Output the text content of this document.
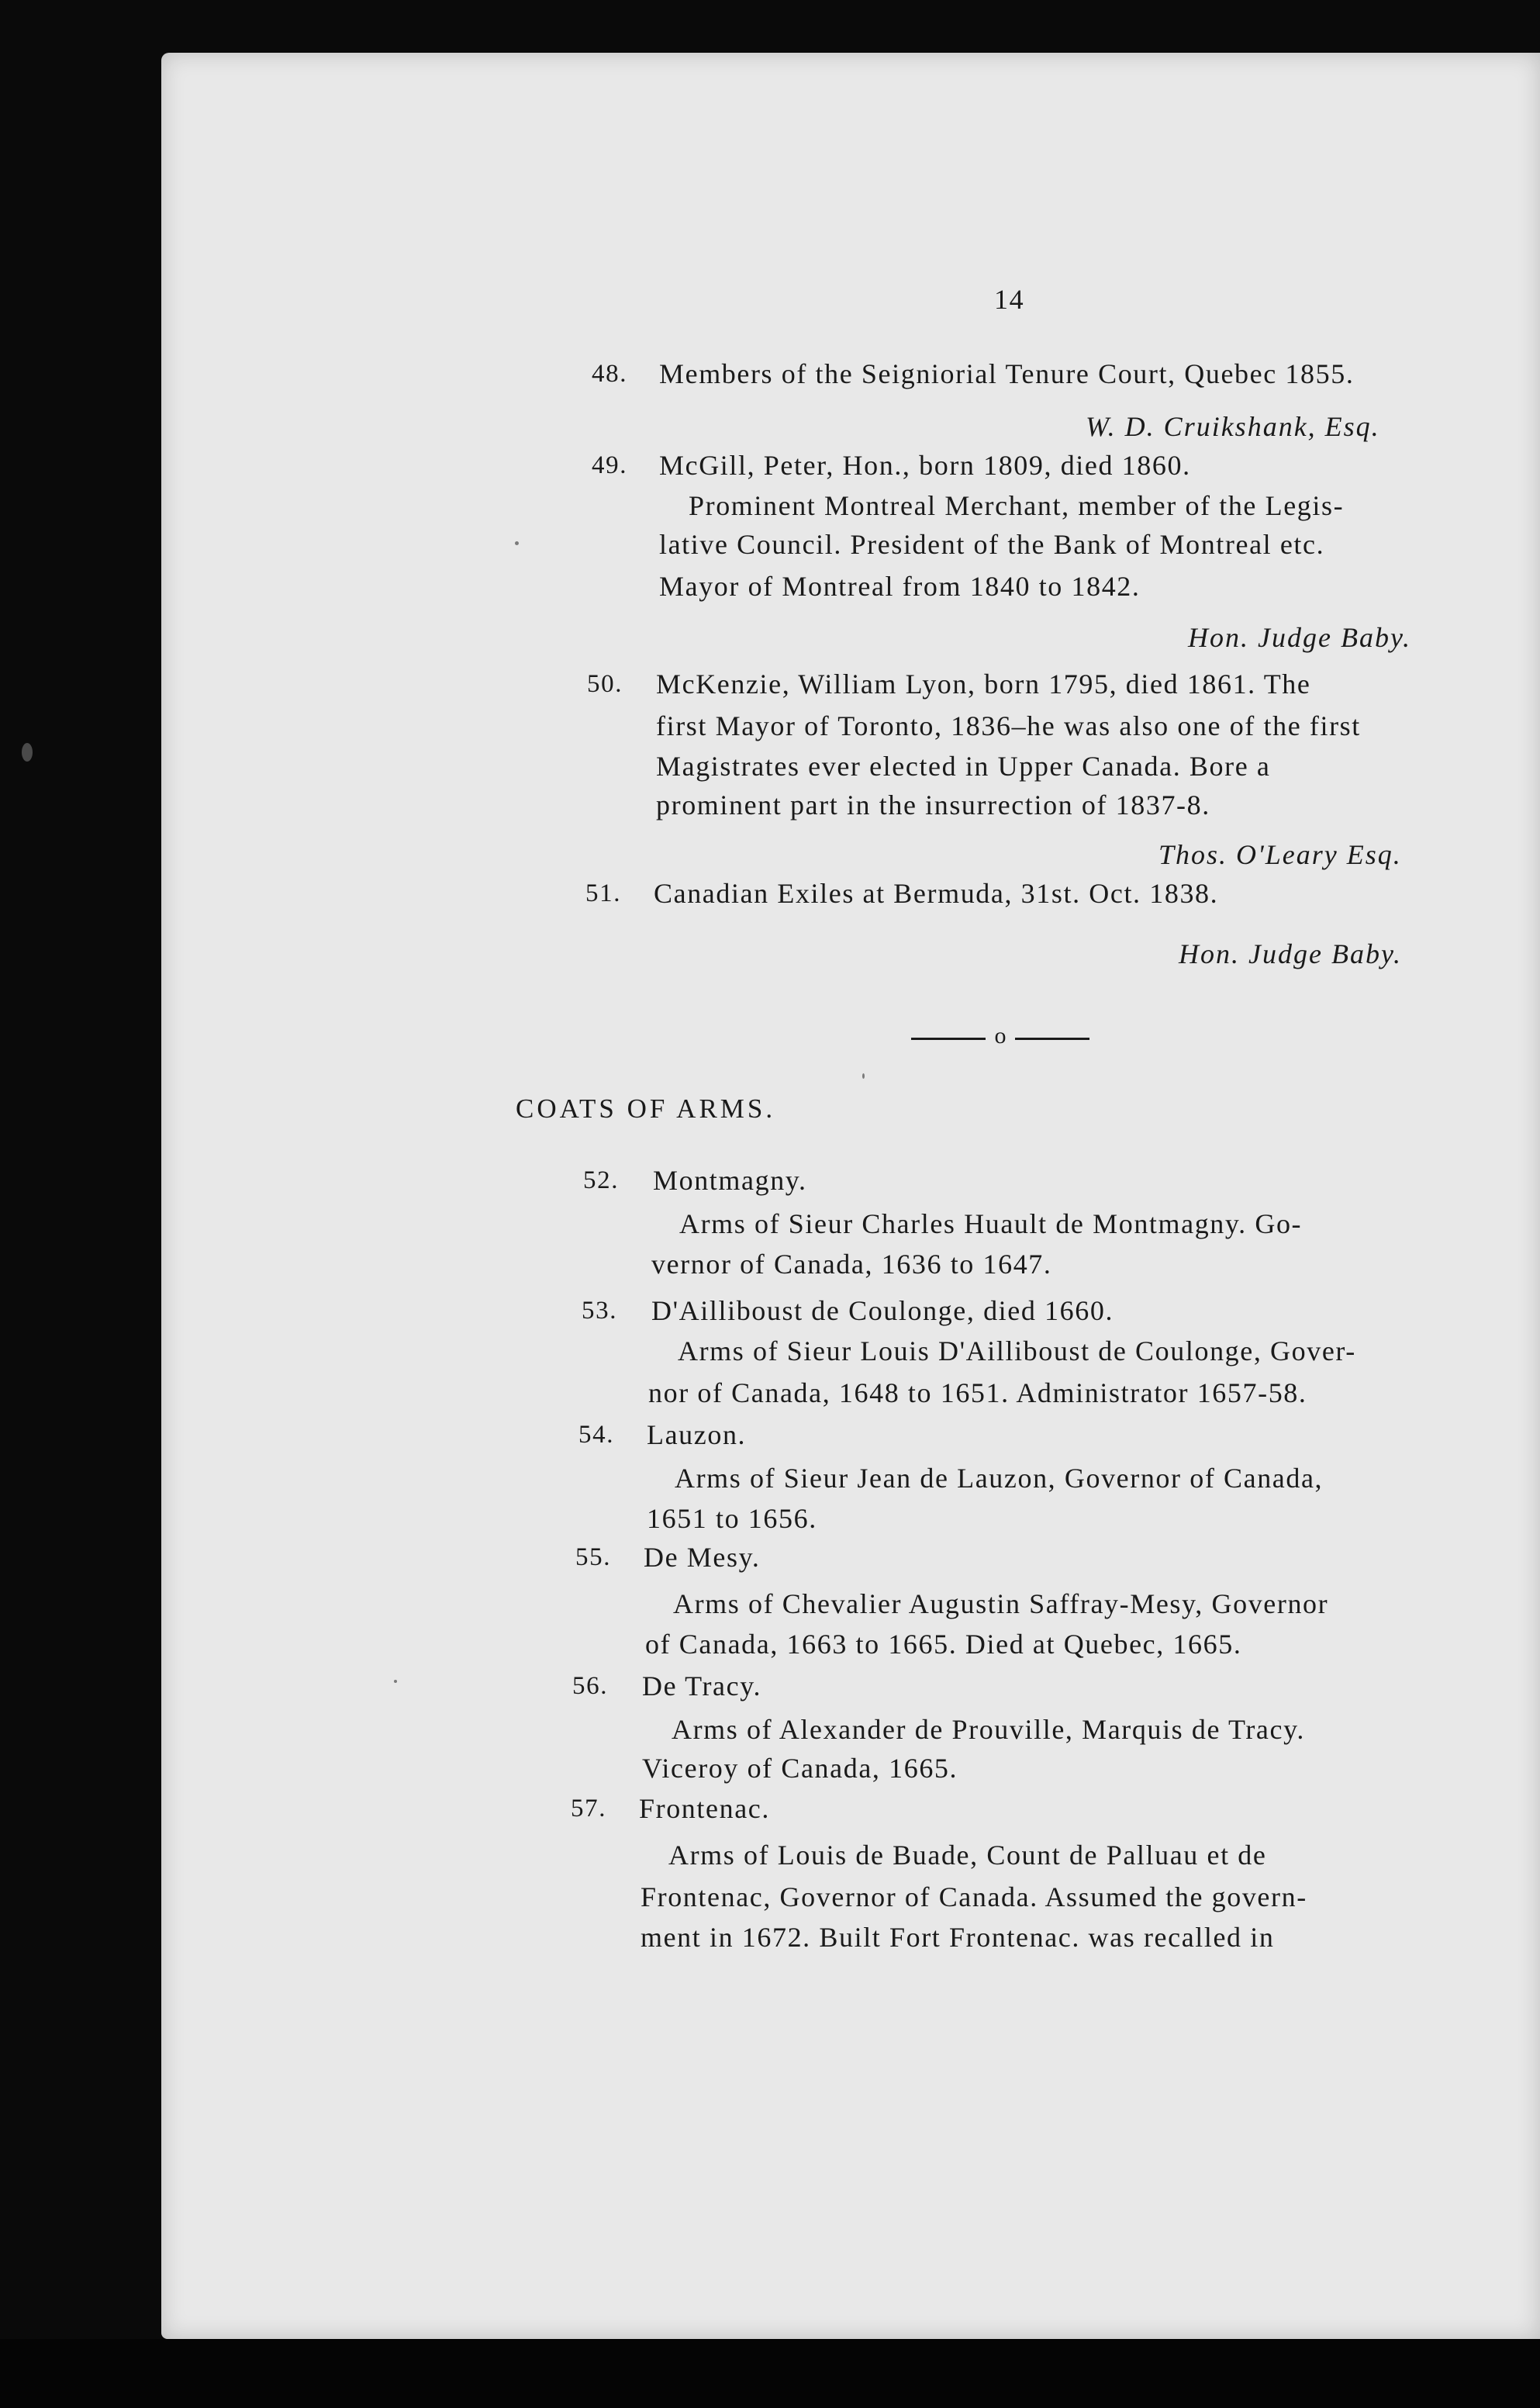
14
48. Members of the Seigniorial Tenure Court, Quebec 1855.
W. D. Cruikshank, Esq.
49. McGill, Peter, Hon., born 1809, died 1860.
Prominent Montreal Merchant, member of the Legis-
lative Council. President of the Bank of Montreal etc.
Mayor of Montreal from 1840 to 1842.
Hon. Judge Baby.
50. McKenzie, William Lyon, born 1795, died 1861. The
first Mayor of Toronto, 1836–he was also one of the first
Magistrates ever elected in Upper Canada. Bore a
prominent part in the insurrection of 1837-8.
Thos. O'Leary Esq.
51. Canadian Exiles at Bermuda, 31st. Oct. 1838.
Hon. Judge Baby.
o
COATS OF ARMS.
52. Montmagny.
Arms of Sieur Charles Huault de Montmagny. Go-
vernor of Canada, 1636 to 1647.
53. D'Ailliboust de Coulonge, died 1660.
Arms of Sieur Louis D'Ailliboust de Coulonge, Gover-
nor of Canada, 1648 to 1651. Administrator 1657-58.
54. Lauzon.
Arms of Sieur Jean de Lauzon, Governor of Canada,
1651 to 1656.
55. De Mesy.
Arms of Chevalier Augustin Saffray-Mesy, Governor
of Canada, 1663 to 1665. Died at Quebec, 1665.
56. De Tracy.
Arms of Alexander de Prouville, Marquis de Tracy.
Viceroy of Canada, 1665.
57. Frontenac.
Arms of Louis de Buade, Count de Palluau et de
Frontenac, Governor of Canada. Assumed the govern-
ment in 1672. Built Fort Frontenac. was recalled in
